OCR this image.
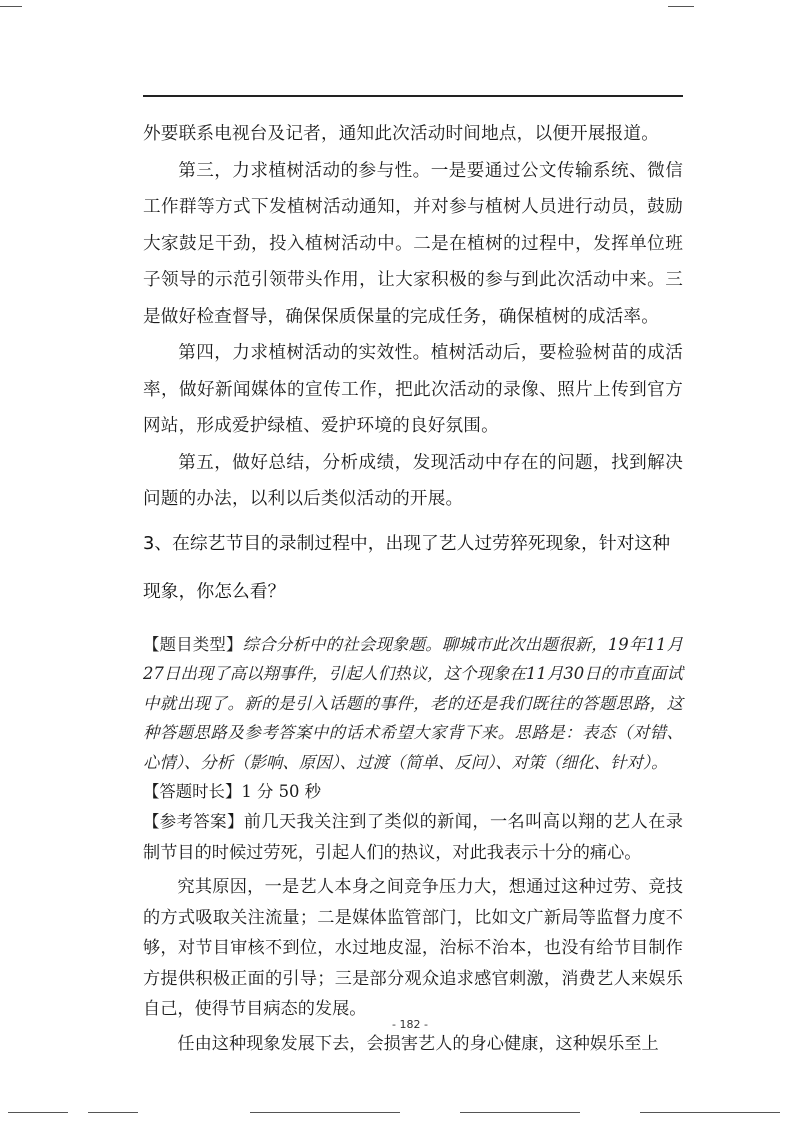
外要联系电视台及记者，通知此次活动时间地点，以便开展报道。

第三，力求植树活动的参与性。一是要通过公文传输系统、微信工作群等方式下发植树活动通知，并对参与植树人员进行动员，鼓励大家鼓足干劲，投入植树活动中。二是在植树的过程中，发挥单位班子领导的示范引领带头作用，让大家积极的参与到此次活动中来。三是做好检查督导，确保保质保量的完成任务，确保植树的成活率。

第四，力求植树活动的实效性。植树活动后，要检验树苗的成活率，做好新闻媒体的宣传工作，把此次活动的录像、照片上传到官方网站，形成爱护绿植、爱护环境的良好氛围。

第五，做好总结，分析成绩，发现活动中存在的问题，找到解决问题的办法，以利以后类似活动的开展。

3、在综艺节目的录制过程中，出现了艺人过劳猝死现象，针对这种现象，你怎么看？

【题目类型】综合分析中的社会现象题。聊城市此次出题很新，19年11月27日出现了高以翔事件，引起人们热议，这个现象在11月30日的市直面试中就出现了。新的是引入话题的事件，老的还是我们既往的答题思路，这种答题思路及参考答案中的话术希望大家背下来。思路是：表态（对错、心情）、分析（影响、原因）、过渡（简单、反问）、对策（细化、针对）。

【答题时长】1 分 50 秒

【参考答案】前几天我关注到了类似的新闻，一名叫高以翔的艺人在录制节目的时候过劳死，引起人们的热议，对此我表示十分的痛心。

究其原因，一是艺人本身之间竞争压力大，想通过这种过劳、竞技的方式吸取关注流量；二是媒体监管部门，比如文广新局等监督力度不够，对节目审核不到位，水过地皮湿，治标不治本，也没有给节目制作方提供积极正面的引导；三是部分观众追求感官刺激，消费艺人来娱乐自己，使得节目病态的发展。

任由这种现象发展下去，会损害艺人的身心健康，这种娱乐至上

- 182 -
